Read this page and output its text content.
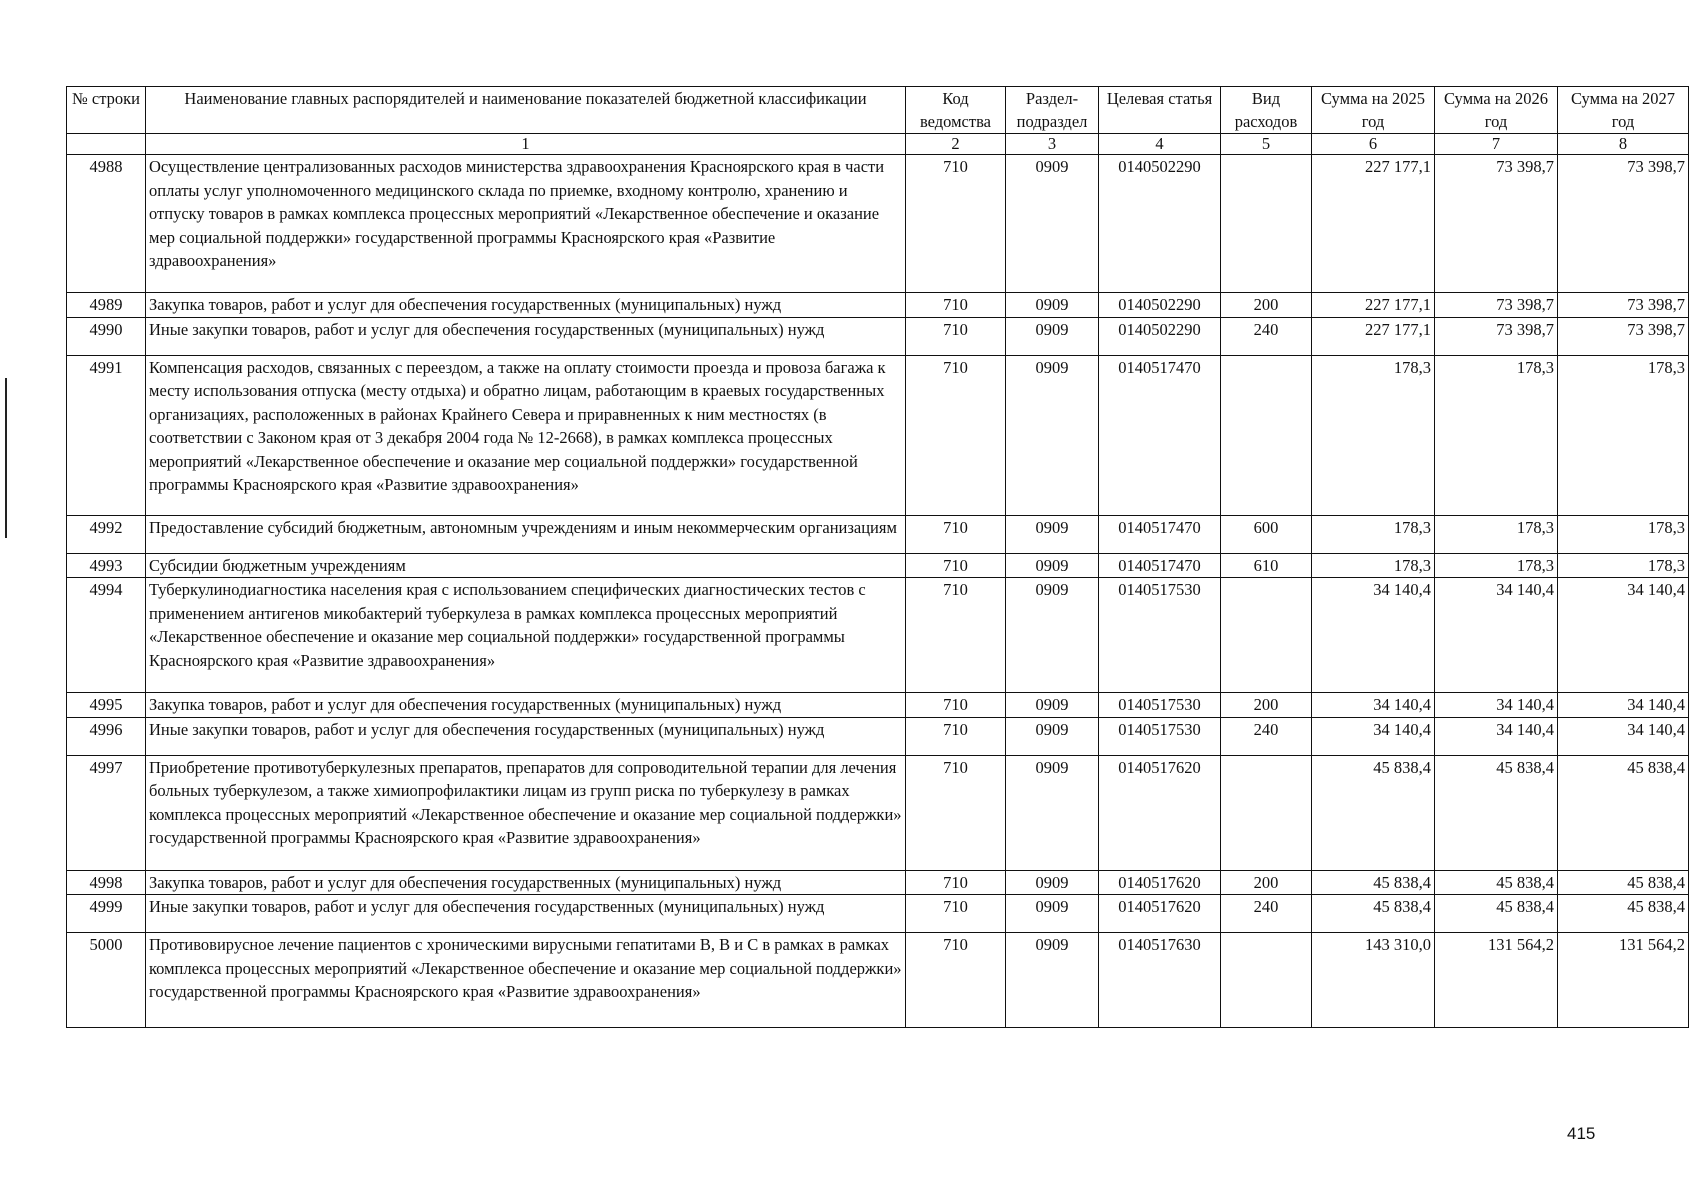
№ строки	Наименование главных распорядителей и наименование показателей бюджетной классификации	Код ведомства	Раздел-подраздел	Целевая статья	Вид расходов	Сумма на 2025 год	Сумма на 2026 год	Сумма на 2027 год
	1	2	3	4	5	6	7	8
4988	Осуществление централизованных расходов министерства здравоохранения Красноярского края в части оплаты услуг уполномоченного медицинского склада по приемке, входному контролю, хранению и отпуску товаров в рамках комплекса процессных мероприятий «Лекарственное обеспечение и оказание мер социальной поддержки» государственной программы Красноярского края «Развитие здравоохранения»	710	0909	0140502290		227 177,1	73 398,7	73 398,7
4989	Закупка товаров, работ и услуг для обеспечения государственных (муниципальных) нужд	710	0909	0140502290	200	227 177,1	73 398,7	73 398,7
4990	Иные закупки товаров, работ и услуг для обеспечения государственных (муниципальных) нужд	710	0909	0140502290	240	227 177,1	73 398,7	73 398,7
4991	Компенсация расходов, связанных с переездом, а также на оплату стоимости проезда и провоза багажа к месту использования отпуска (месту отдыха) и обратно лицам, работающим в краевых государственных организациях, расположенных в районах Крайнего Севера и приравненных к ним местностях (в соответствии с Законом края от 3 декабря 2004 года № 12-2668), в рамках комплекса процессных мероприятий «Лекарственное обеспечение и оказание мер социальной поддержки» государственной программы Красноярского края «Развитие здравоохранения»	710	0909	0140517470		178,3	178,3	178,3
4992	Предоставление субсидий бюджетным, автономным учреждениям и иным некоммерческим организациям	710	0909	0140517470	600	178,3	178,3	178,3
4993	Субсидии бюджетным учреждениям	710	0909	0140517470	610	178,3	178,3	178,3
4994	Туберкулинодиагностика населения края с использованием специфических диагностических тестов с применением антигенов микобактерий туберкулеза в рамках комплекса процессных мероприятий «Лекарственное обеспечение и оказание мер социальной поддержки» государственной программы Красноярского края «Развитие здравоохранения»	710	0909	0140517530		34 140,4	34 140,4	34 140,4
4995	Закупка товаров, работ и услуг для обеспечения государственных (муниципальных) нужд	710	0909	0140517530	200	34 140,4	34 140,4	34 140,4
4996	Иные закупки товаров, работ и услуг для обеспечения государственных (муниципальных) нужд	710	0909	0140517530	240	34 140,4	34 140,4	34 140,4
4997	Приобретение противотуберкулезных препаратов, препаратов для сопроводительной терапии для лечения больных туберкулезом, а также химиопрофилактики лицам из групп риска по туберкулезу в рамках комплекса процессных мероприятий «Лекарственное обеспечение и оказание мер социальной поддержки» государственной программы Красноярского края «Развитие здравоохранения»	710	0909	0140517620		45 838,4	45 838,4	45 838,4
4998	Закупка товаров, работ и услуг для обеспечения государственных (муниципальных) нужд	710	0909	0140517620	200	45 838,4	45 838,4	45 838,4
4999	Иные закупки товаров, работ и услуг для обеспечения государственных (муниципальных) нужд	710	0909	0140517620	240	45 838,4	45 838,4	45 838,4
5000	Противовирусное лечение пациентов с хроническими вирусными гепатитами В, В и С в рамках в рамках комплекса процессных мероприятий «Лекарственное обеспечение и оказание мер социальной поддержки» государственной программы Красноярского края «Развитие здравоохранения»	710	0909	0140517630		143 310,0	131 564,2	131 564,2
415
